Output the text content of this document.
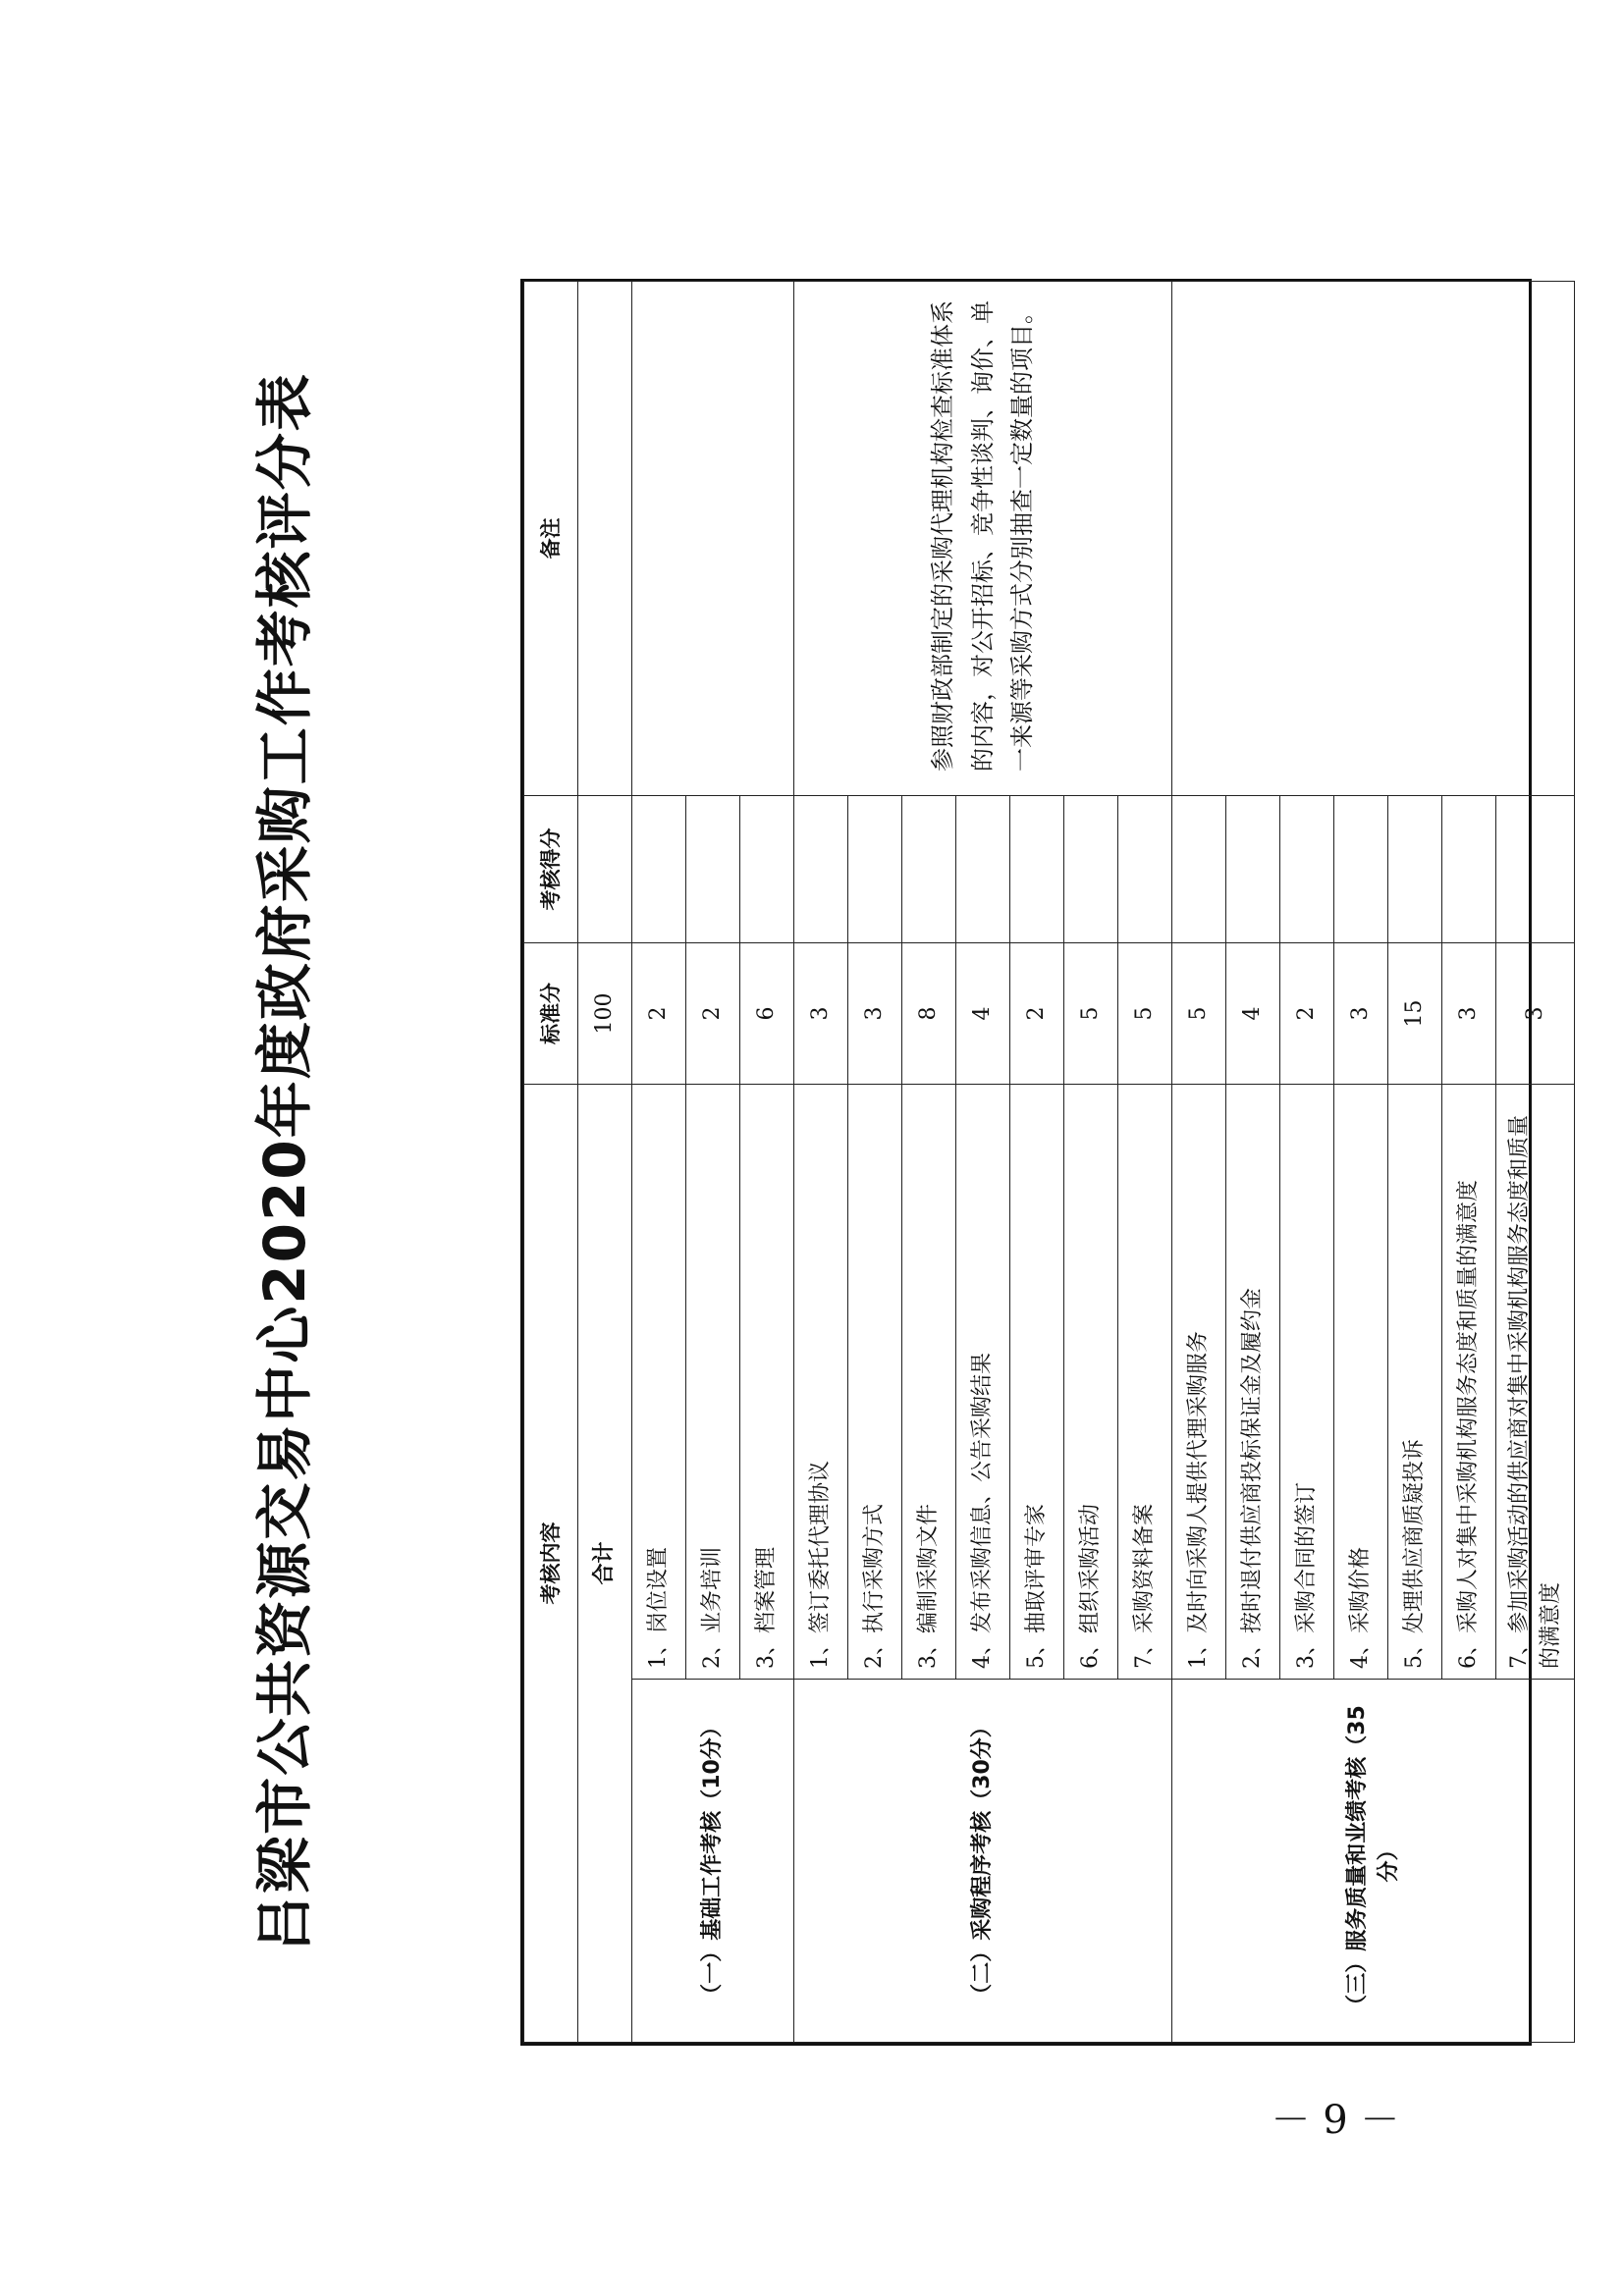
吕梁市公共资源交易中心2020年度政府采购工作考核评分表	考核内容		标准分	考核得分	备注
合计		100		
（一）基础工作考核（10分）	1、岗位设置	2		
	2、业务培训	2		
	3、档案管理	6		
（二）采购程序考核（30分）	1、签订委托代理协议	3		参照财政部制定的采购代理机构检查标准体系的内容，对公开招标、竞争性谈判、询价、单一来源等采购方式分别抽查一定数量的项目。
	2、执行采购方式	3		
	3、编制采购文件	8		
	4、发布采购信息、公告采购结果	4		
	5、抽取评审专家	2		
	6、组织采购活动	5		
	7、采购资料备案	5		
（三）服务质量和业绩考核（35分）	1、及时向采购人提供代理采购服务	5		
	2、按时退付供应商投标保证金及履约金	4		
	3、采购合同的签订	2		
	4、采购价格	3		
	5、处理供应商质疑投诉	15		
	6、采购人对集中采购机构服务态度和质量的满意度	3		
	7、参加采购活动的供应商对集中采购机构服务态度和质量的满意度	3		
－ 9 －
